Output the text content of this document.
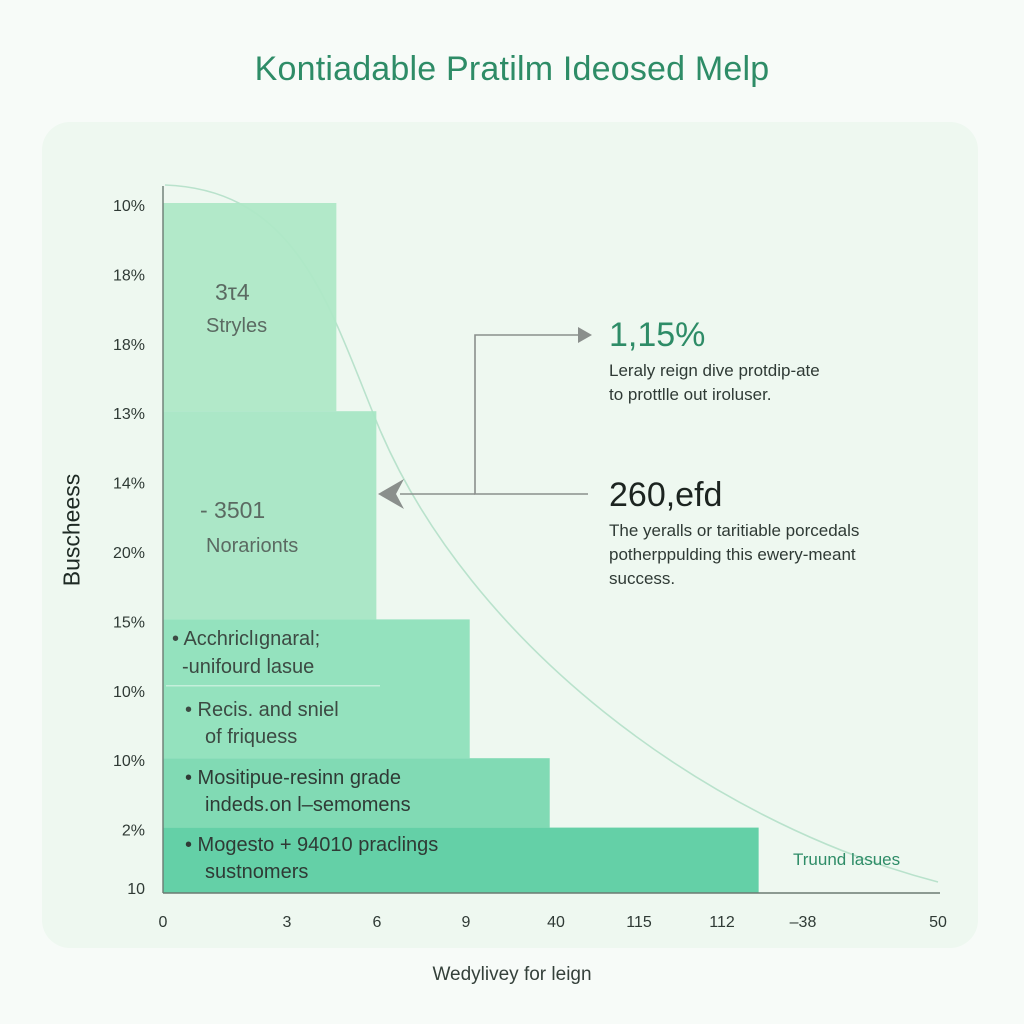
Kontiadable Pratilm Ideosed Melp
10%
18%
18%
13%
14%
20%
15%
10%
10%
2%
10
0	3	6	9	40	115	112	–38	50
3τ4
Stryles
- 3501
Norarionts
• Acchriclıgnaral;
-unifourd lasue
• Recis. and sniel
of friquess
• Mositipue-resinn grade
indeds.on l–semomens
• Mogesto + 94010 praclings
sustnomers
1,15%
Leraly reign dive protdip-ate
to prottlle out iroluser.
260,efd
The yeralls or taritiable porcedals
potherppulding this ewery-meant
success.
Truund lasues
Wedylivey for leign
Buscheess
